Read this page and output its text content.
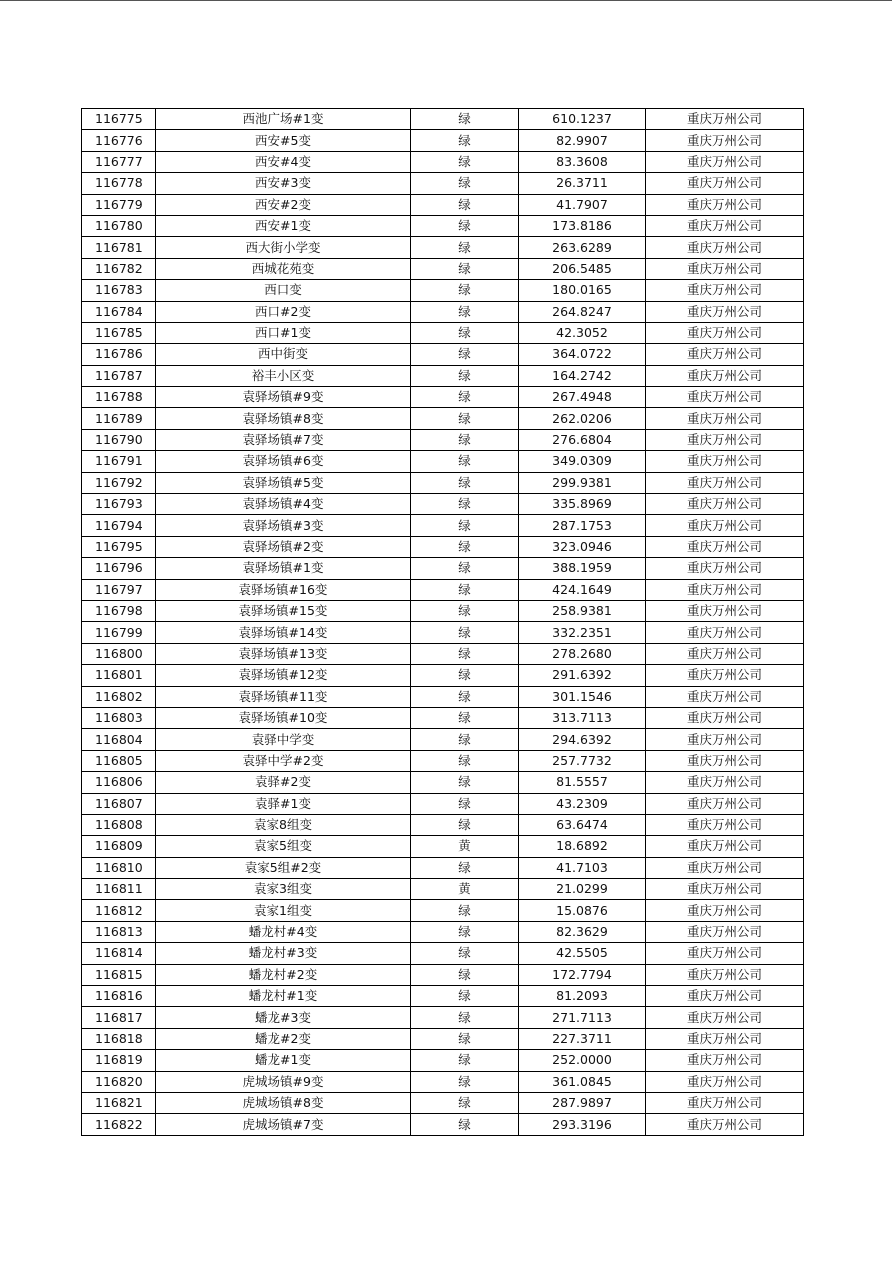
116775	西池广场#1变	绿	610.1237	重庆万州公司
116776	西安#5变	绿	82.9907	重庆万州公司
116777	西安#4变	绿	83.3608	重庆万州公司
116778	西安#3变	绿	26.3711	重庆万州公司
116779	西安#2变	绿	41.7907	重庆万州公司
116780	西安#1变	绿	173.8186	重庆万州公司
116781	西大街小学变	绿	263.6289	重庆万州公司
116782	西城花苑变	绿	206.5485	重庆万州公司
116783	西口变	绿	180.0165	重庆万州公司
116784	西口#2变	绿	264.8247	重庆万州公司
116785	西口#1变	绿	42.3052	重庆万州公司
116786	西中街变	绿	364.0722	重庆万州公司
116787	裕丰小区变	绿	164.2742	重庆万州公司
116788	袁驿场镇#9变	绿	267.4948	重庆万州公司
116789	袁驿场镇#8变	绿	262.0206	重庆万州公司
116790	袁驿场镇#7变	绿	276.6804	重庆万州公司
116791	袁驿场镇#6变	绿	349.0309	重庆万州公司
116792	袁驿场镇#5变	绿	299.9381	重庆万州公司
116793	袁驿场镇#4变	绿	335.8969	重庆万州公司
116794	袁驿场镇#3变	绿	287.1753	重庆万州公司
116795	袁驿场镇#2变	绿	323.0946	重庆万州公司
116796	袁驿场镇#1变	绿	388.1959	重庆万州公司
116797	袁驿场镇#16变	绿	424.1649	重庆万州公司
116798	袁驿场镇#15变	绿	258.9381	重庆万州公司
116799	袁驿场镇#14变	绿	332.2351	重庆万州公司
116800	袁驿场镇#13变	绿	278.2680	重庆万州公司
116801	袁驿场镇#12变	绿	291.6392	重庆万州公司
116802	袁驿场镇#11变	绿	301.1546	重庆万州公司
116803	袁驿场镇#10变	绿	313.7113	重庆万州公司
116804	袁驿中学变	绿	294.6392	重庆万州公司
116805	袁驿中学#2变	绿	257.7732	重庆万州公司
116806	袁驿#2变	绿	81.5557	重庆万州公司
116807	袁驿#1变	绿	43.2309	重庆万州公司
116808	袁家8组变	绿	63.6474	重庆万州公司
116809	袁家5组变	黄	18.6892	重庆万州公司
116810	袁家5组#2变	绿	41.7103	重庆万州公司
116811	袁家3组变	黄	21.0299	重庆万州公司
116812	袁家1组变	绿	15.0876	重庆万州公司
116813	蟠龙村#4变	绿	82.3629	重庆万州公司
116814	蟠龙村#3变	绿	42.5505	重庆万州公司
116815	蟠龙村#2变	绿	172.7794	重庆万州公司
116816	蟠龙村#1变	绿	81.2093	重庆万州公司
116817	蟠龙#3变	绿	271.7113	重庆万州公司
116818	蟠龙#2变	绿	227.3711	重庆万州公司
116819	蟠龙#1变	绿	252.0000	重庆万州公司
116820	虎城场镇#9变	绿	361.0845	重庆万州公司
116821	虎城场镇#8变	绿	287.9897	重庆万州公司
116822	虎城场镇#7变	绿	293.3196	重庆万州公司
